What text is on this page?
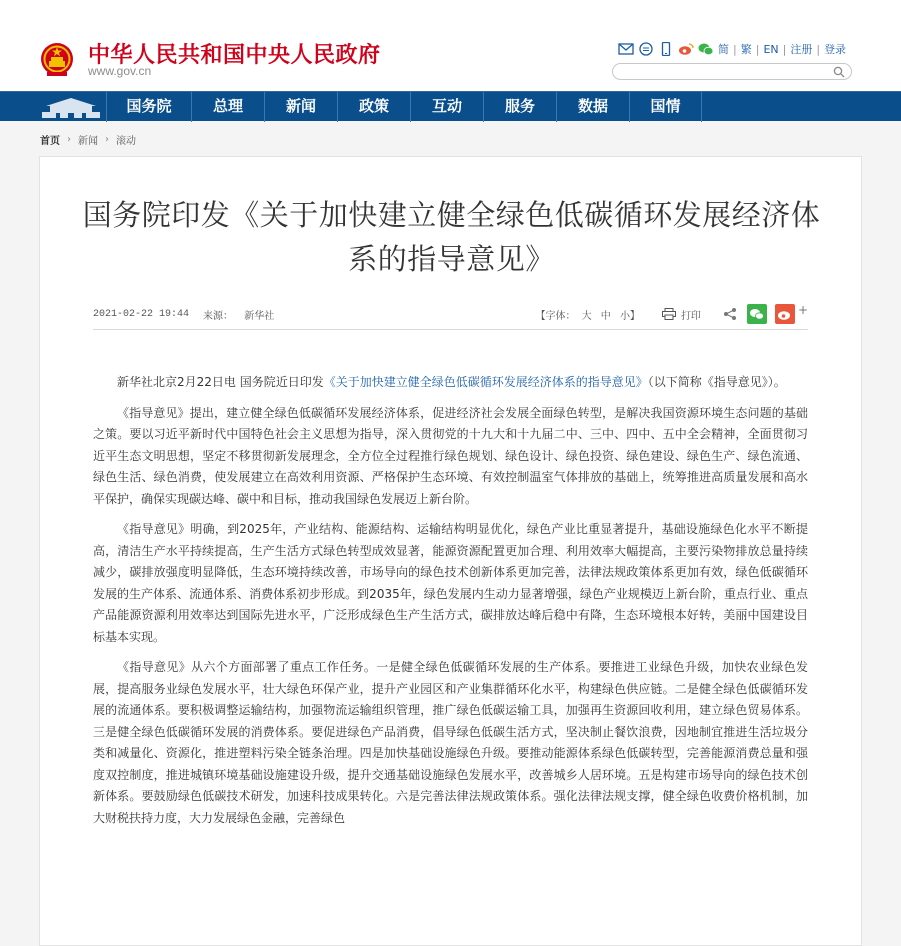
中华人民共和国中央人民政府
www.gov.cn
简 | 繁 | EN | 注册 | 登录
国务院	总理	新闻	政策	互动	服务	数据	国情
首页 › 新闻 › 滚动
国务院印发《关于加快建立健全绿色低碳循环发展经济体系的指导意见》
2021-02-22 19:44 来源： 新华社	【字体： 大 中 小】	打印	+

新华社北京2月22日电 国务院近日印发《关于加快建立健全绿色低碳循环发展经济体系的指导意见》（以下简称《指导意见》）。

《指导意见》提出，建立健全绿色低碳循环发展经济体系，促进经济社会发展全面绿色转型，是解决我国资源环境生态问题的基础之策。要以习近平新时代中国特色社会主义思想为指导，深入贯彻党的十九大和十九届二中、三中、四中、五中全会精神，全面贯彻习近平生态文明思想，坚定不移贯彻新发展理念，全方位全过程推行绿色规划、绿色设计、绿色投资、绿色建设、绿色生产、绿色流通、绿色生活、绿色消费，使发展建立在高效利用资源、严格保护生态环境、有效控制温室气体排放的基础上，统筹推进高质量发展和高水平保护，确保实现碳达峰、碳中和目标，推动我国绿色发展迈上新台阶。

《指导意见》明确，到2025年，产业结构、能源结构、运输结构明显优化，绿色产业比重显著提升，基础设施绿色化水平不断提高，清洁生产水平持续提高，生产生活方式绿色转型成效显著，能源资源配置更加合理、利用效率大幅提高，主要污染物排放总量持续减少，碳排放强度明显降低，生态环境持续改善，市场导向的绿色技术创新体系更加完善，法律法规政策体系更加有效，绿色低碳循环发展的生产体系、流通体系、消费体系初步形成。到2035年，绿色发展内生动力显著增强，绿色产业规模迈上新台阶，重点行业、重点产品能源资源利用效率达到国际先进水平，广泛形成绿色生产生活方式，碳排放达峰后稳中有降，生态环境根本好转，美丽中国建设目标基本实现。

《指导意见》从六个方面部署了重点工作任务。一是健全绿色低碳循环发展的生产体系。要推进工业绿色升级，加快农业绿色发展，提高服务业绿色发展水平，壮大绿色环保产业，提升产业园区和产业集群循环化水平，构建绿色供应链。二是健全绿色低碳循环发展的流通体系。要积极调整运输结构，加强物流运输组织管理，推广绿色低碳运输工具，加强再生资源回收利用，建立绿色贸易体系。三是健全绿色低碳循环发展的消费体系。要促进绿色产品消费，倡导绿色低碳生活方式，坚决制止餐饮浪费，因地制宜推进生活垃圾分类和减量化、资源化，推进塑料污染全链条治理。四是加快基础设施绿色升级。要推动能源体系绿色低碳转型，完善能源消费总量和强度双控制度，推进城镇环境基础设施建设升级，提升交通基础设施绿色发展水平，改善城乡人居环境。五是构建市场导向的绿色技术创新体系。要鼓励绿色低碳技术研发，加速科技成果转化。六是完善法律法规政策体系。强化法律法规支撑，健全绿色收费价格机制，加大财税扶持力度，大力发展绿色金融，完善绿色
